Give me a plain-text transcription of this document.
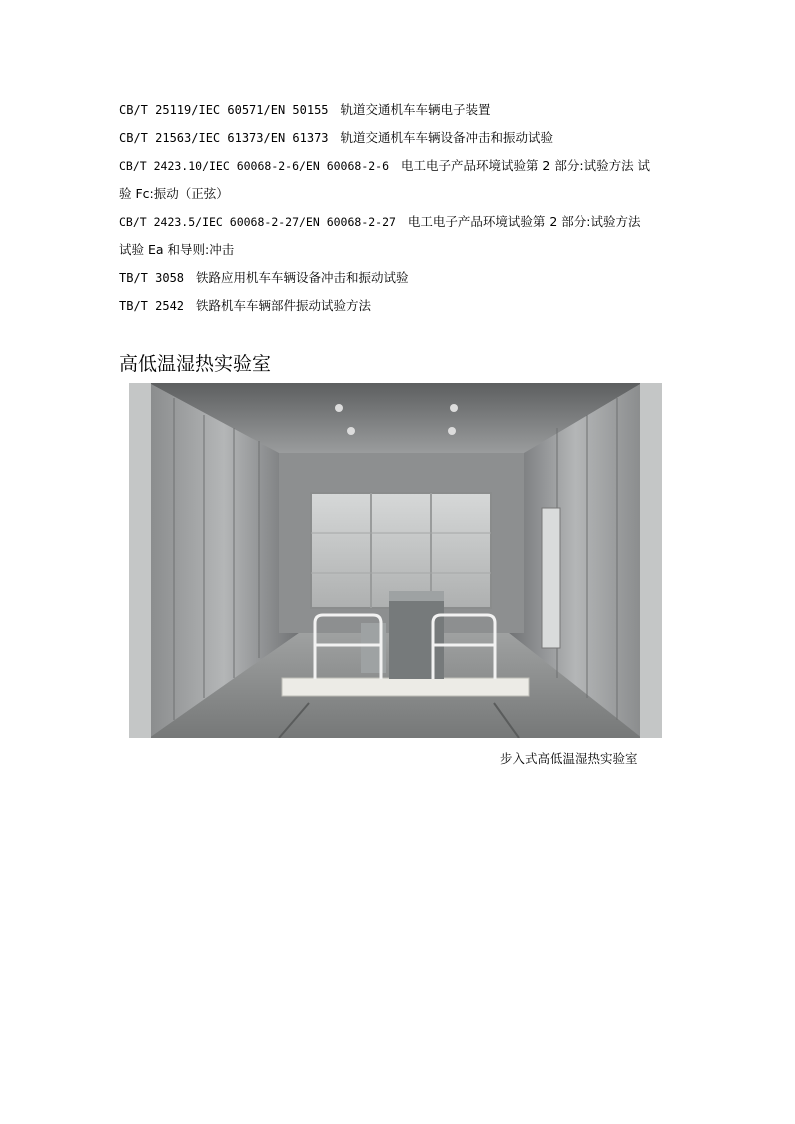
CB/T 25119/IEC 60571/EN 50155 轨道交通机车车辆电子装置
CB/T 21563/IEC 61373/EN 61373 轨道交通机车车辆设备冲击和振动试验
CB/T 2423.10/IEC 60068-2-6/EN 60068-2-6 电工电子产品环境试验第 2 部分:试验方法 试
验 Fc:振动（正弦）
CB/T 2423.5/IEC 60068-2-27/EN 60068-2-27 电工电子产品环境试验第 2 部分:试验方法
试验 Ea 和导则:冲击
TB/T 3058 铁路应用机车车辆设备冲击和振动试验
TB/T 2542 铁路机车车辆部件振动试验方法
高低温湿热实验室
步入式高低温湿热实验室
